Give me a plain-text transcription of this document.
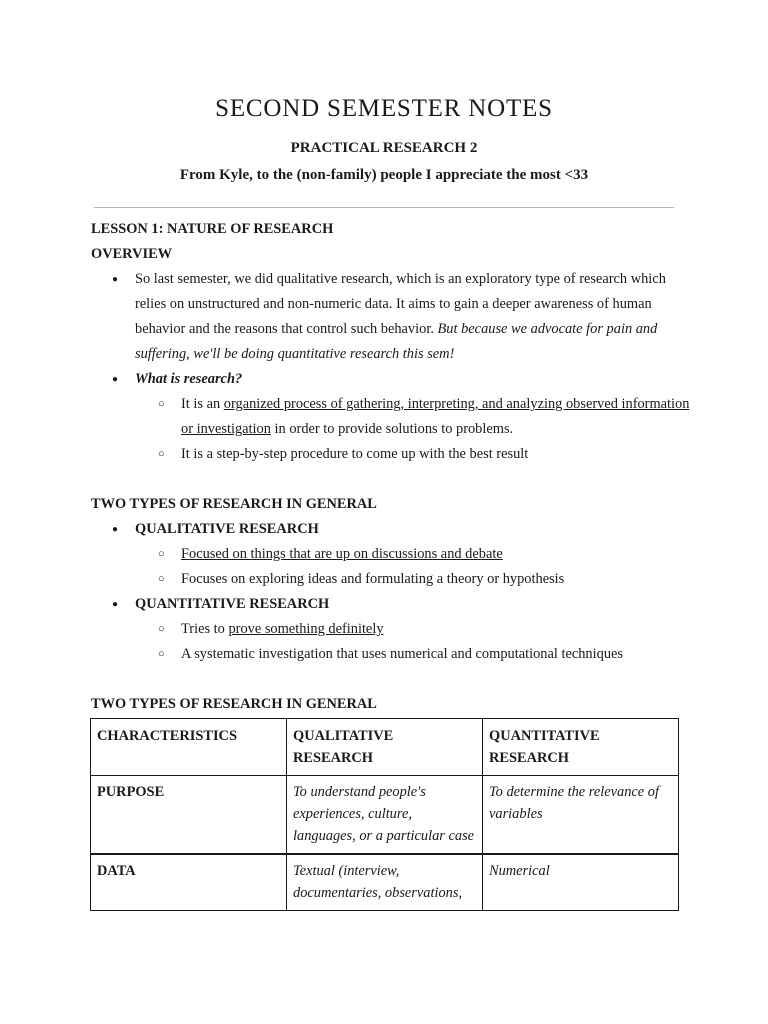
SECOND SEMESTER NOTES
PRACTICAL RESEARCH 2
From Kyle, to the (non-family) people I appreciate the most <33
LESSON 1: NATURE OF RESEARCH
OVERVIEW
● So last semester, we did qualitative research, which is an exploratory type of research which relies on unstructured and non-numeric data. It aims to gain a deeper awareness of human behavior and the reasons that control such behavior. But because we advocate for pain and suffering, we'll be doing quantitative research this sem!
● What is research?
○ It is an organized process of gathering, interpreting, and analyzing observed information or investigation in order to provide solutions to problems.
○ It is a step-by-step procedure to come up with the best result
TWO TYPES OF RESEARCH IN GENERAL
● QUALITATIVE RESEARCH
○ Focused on things that are up on discussions and debate
○ Focuses on exploring ideas and formulating a theory or hypothesis
● QUANTITATIVE RESEARCH
○ Tries to prove something definitely
○ A systematic investigation that uses numerical and computational techniques
TWO TYPES OF RESEARCH IN GENERAL
CHARACTERISTICS	QUALITATIVE RESEARCH	QUANTITATIVE RESEARCH
PURPOSE	To understand people's experiences, culture, languages, or a particular case	To determine the relevance of variables
DATA	Textual (interview, documentaries, observations,	Numerical
